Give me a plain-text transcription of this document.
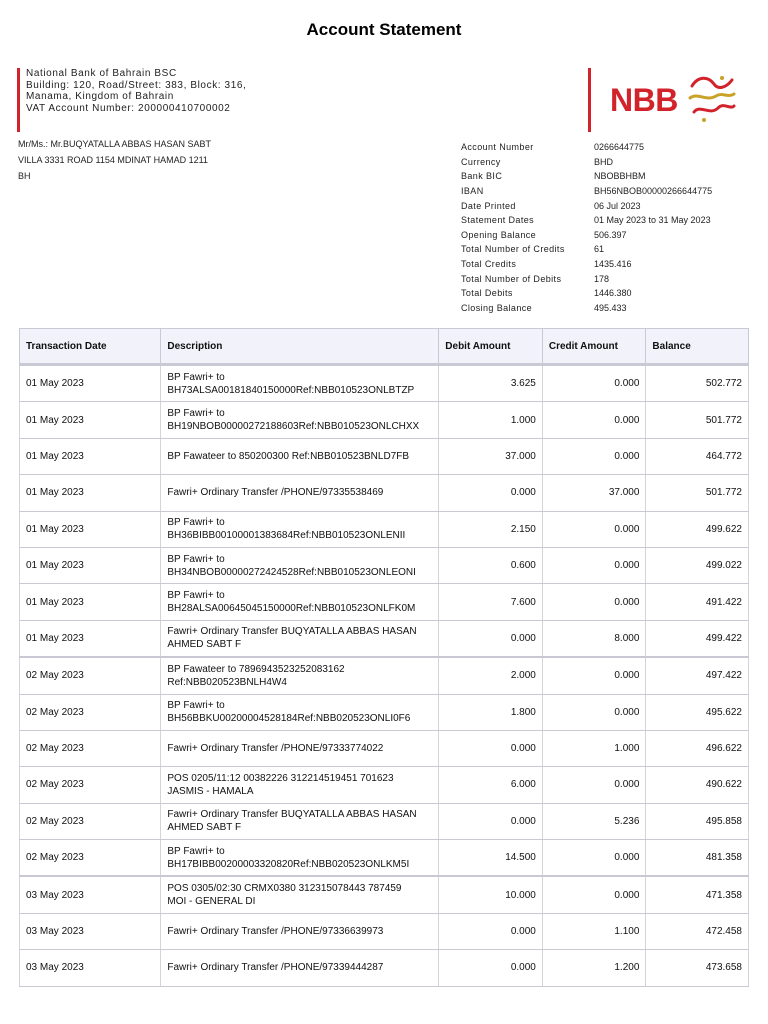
Account Statement
National Bank of Bahrain BSC
Building: 120, Road/Street: 383, Block: 316,
Manama, Kingdom of Bahrain
VAT Account Number: 200000410700002	NBB
Mr/Ms.: Mr.BUQYATALLA ABBAS HASAN SABT
VILLA 3331 ROAD 1154 MDINAT HAMAD 1211
BH
Account Number	0266644775
Currency	BHD
Bank BIC	NBOBBHBM
IBAN	BH56NBOB00000266644775
Date Printed	06 Jul 2023
Statement Dates	01 May 2023 to 31 May 2023
Opening Balance	506.397
Total Number of Credits	61
Total Credits	1435.416
Total Number of Debits	178
Total Debits	1446.380
Closing Balance	495.433
Transaction Date	Description	Debit Amount	Credit Amount	Balance
01 May 2023	BP Fawri+ to
BH73ALSA00181840150000Ref:NBB010523ONLBTZP	3.625	0.000	502.772
01 May 2023	BP Fawri+ to
BH19NBOB00000272188603Ref:NBB010523ONLCHXX	1.000	0.000	501.772
01 May 2023	BP Fawateer to 850200300 Ref:NBB010523BNLD7FB	37.000	0.000	464.772
01 May 2023	Fawri+ Ordinary Transfer /PHONE/97335538469	0.000	37.000	501.772
01 May 2023	BP Fawri+ to
BH36BIBB00100001383684Ref:NBB010523ONLENII	2.150	0.000	499.622
01 May 2023	BP Fawri+ to
BH34NBOB00000272424528Ref:NBB010523ONLEONI	0.600	0.000	499.022
01 May 2023	BP Fawri+ to
BH28ALSA00645045150000Ref:NBB010523ONLFK0M	7.600	0.000	491.422
01 May 2023	Fawri+ Ordinary Transfer BUQYATALLA ABBAS HASAN
AHMED SABT F	0.000	8.000	499.422
02 May 2023	BP Fawateer to 7896943523252083162
Ref:NBB020523BNLH4W4	2.000	0.000	497.422
02 May 2023	BP Fawri+ to
BH56BBKU00200004528184Ref:NBB020523ONLI0F6	1.800	0.000	495.622
02 May 2023	Fawri+ Ordinary Transfer /PHONE/97333774022	0.000	1.000	496.622
02 May 2023	POS 0205/11:12 00382226 312214519451 701623
JASMIS - HAMALA	6.000	0.000	490.622
02 May 2023	Fawri+ Ordinary Transfer BUQYATALLA ABBAS HASAN
AHMED SABT F	0.000	5.236	495.858
02 May 2023	BP Fawri+ to
BH17BIBB00200003320820Ref:NBB020523ONLKM5I	14.500	0.000	481.358
03 May 2023	POS 0305/02:30 CRMX0380 312315078443 787459
MOI - GENERAL DI	10.000	0.000	471.358
03 May 2023	Fawri+ Ordinary Transfer /PHONE/97336639973	0.000	1.100	472.458
03 May 2023	Fawri+ Ordinary Transfer /PHONE/97339444287	0.000	1.200	473.658
